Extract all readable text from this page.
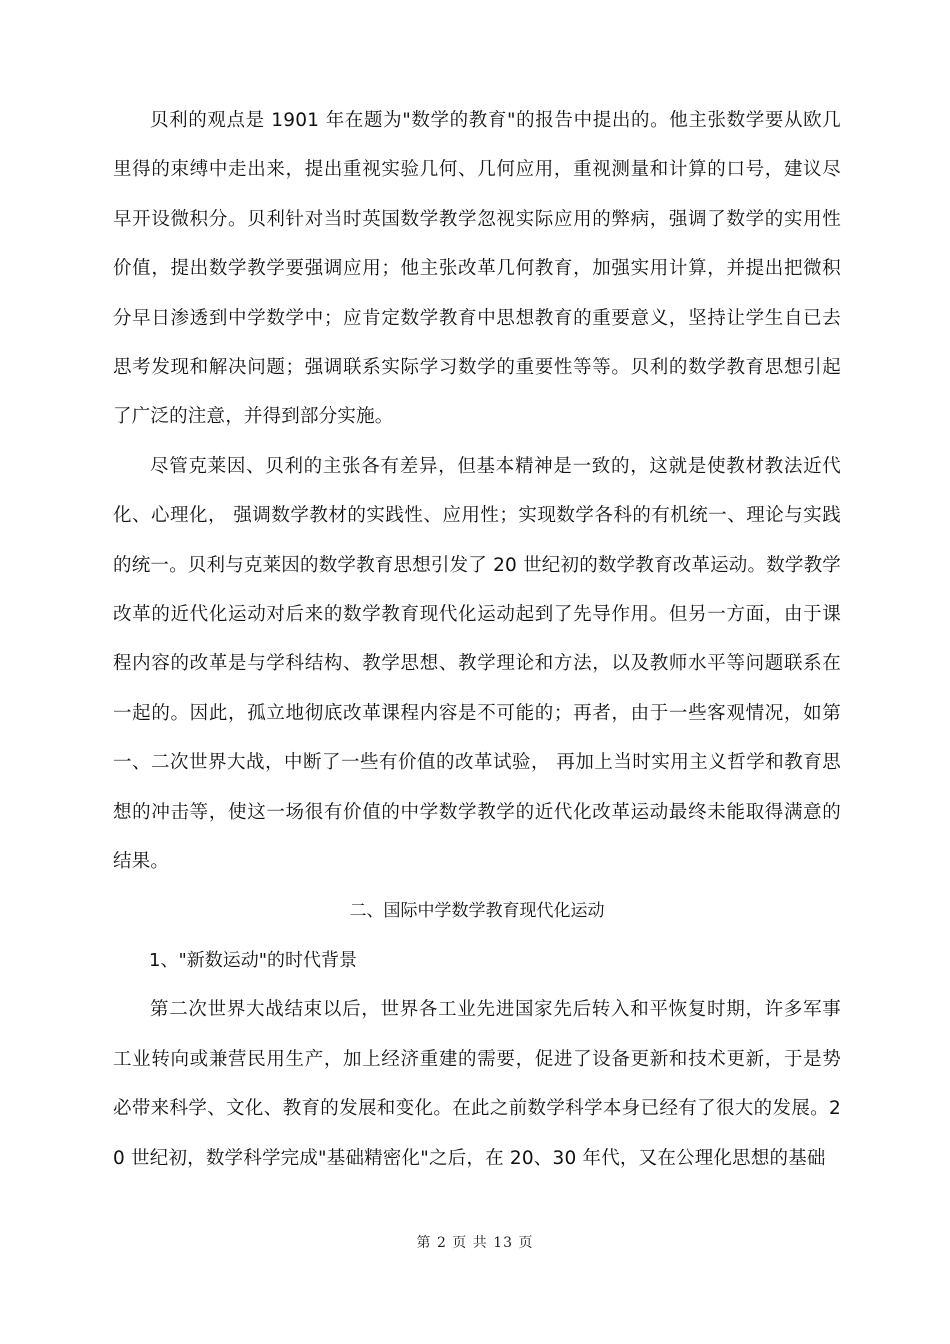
贝利的观点是 1901 年在题为"数学的教育"的报告中提出的。他主张数学要从欧几里得的束缚中走出来，提出重视实验几何、几何应用，重视测量和计算的口号，建议尽早开设微积分。贝利针对当时英国数学教学忽视实际应用的弊病，强调了数学的实用性价值，提出数学教学要强调应用；他主张改革几何教育，加强实用计算，并提出把微积分早日渗透到中学数学中；应肯定数学教育中思想教育的重要意义，坚持让学生自已去思考发现和解决问题；强调联系实际学习数学的重要性等等。贝利的数学教育思想引起了广泛的注意，并得到部分实施。

尽管克莱因、贝利的主张各有差异，但基本精神是一致的，这就是使教材教法近代化、心理化， 强调数学教材的实践性、应用性；实现数学各科的有机统一、理论与实践的统一。贝利与克莱因的数学教育思想引发了 20 世纪初的数学教育改革运动。数学教学改革的近代化运动对后来的数学教育现代化运动起到了先导作用。但另一方面，由于课程内容的改革是与学科结构、教学思想、教学理论和方法，以及教师水平等问题联系在一起的。因此，孤立地彻底改革课程内容是不可能的；再者，由于一些客观情况，如第一、二次世界大战，中断了一些有价值的改革试验， 再加上当时实用主义哲学和教育思想的冲击等，使这一场很有价值的中学数学教学的近代化改革运动最终未能取得满意的结果。

二、国际中学数学教育现代化运动

1、"新数运动"的时代背景

第二次世界大战结束以后，世界各工业先进国家先后转入和平恢复时期，许多军事工业转向或兼营民用生产，加上经济重建的需要，促进了设备更新和技术更新，于是势必带来科学、文化、教育的发展和变化。在此之前数学科学本身已经有了很大的发展。20 世纪初，数学科学完成"基础精密化"之后，在 20、30 年代，又在公理化思想的基础

第 2 页 共 13 页
